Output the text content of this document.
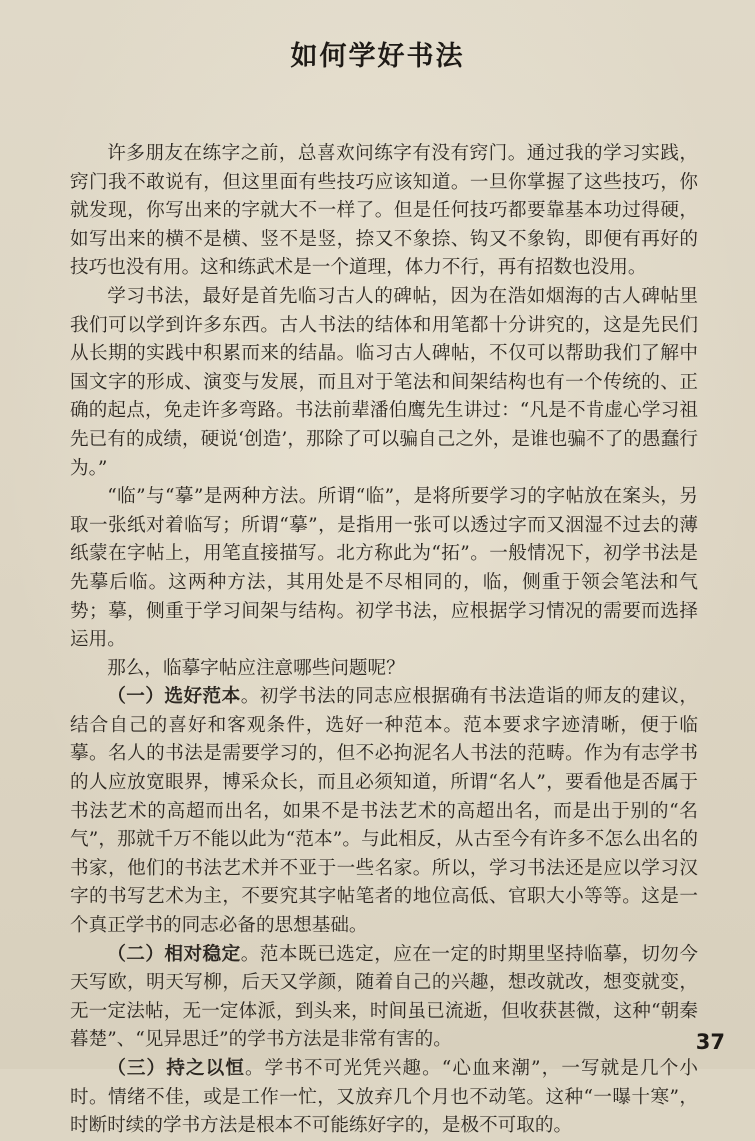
如何学好书法

许多朋友在练字之前，总喜欢问练字有没有窍门。通过我的学习实践，窍门我不敢说有，但这里面有些技巧应该知道。一旦你掌握了这些技巧，你就发现，你写出来的字就大不一样了。但是任何技巧都要靠基本功过得硬，如写出来的横不是横、竖不是竖，捺又不象捺、钩又不象钩，即便有再好的技巧也没有用。这和练武术是一个道理，体力不行，再有招数也没用。

学习书法，最好是首先临习古人的碑帖，因为在浩如烟海的古人碑帖里我们可以学到许多东西。古人书法的结体和用笔都十分讲究的，这是先民们从长期的实践中积累而来的结晶。临习古人碑帖，不仅可以帮助我们了解中国文字的形成、演变与发展，而且对于笔法和间架结构也有一个传统的、正确的起点，免走许多弯路。书法前辈潘伯鹰先生讲过：“凡是不肯虚心学习祖先已有的成绩，硬说‘创造’，那除了可以骗自己之外，是谁也骗不了的愚蠢行为。”

“临”与“摹”是两种方法。所谓“临”，是将所要学习的字帖放在案头，另取一张纸对着临写；所谓“摹”，是指用一张可以透过字而又洇湿不过去的薄纸蒙在字帖上，用笔直接描写。北方称此为“拓”。一般情况下，初学书法是先摹后临。这两种方法，其用处是不尽相同的，临，侧重于领会笔法和气势；摹，侧重于学习间架与结构。初学书法，应根据学习情况的需要而选择运用。

那么，临摹字帖应注意哪些问题呢？

（一）选好范本。初学书法的同志应根据确有书法造诣的师友的建议，结合自己的喜好和客观条件，选好一种范本。范本要求字迹清晰，便于临摹。名人的书法是需要学习的，但不必拘泥名人书法的范畴。作为有志学书的人应放宽眼界，博采众长，而且必须知道，所谓“名人”，要看他是否属于书法艺术的高超而出名，如果不是书法艺术的高超出名，而是出于别的“名气”，那就千万不能以此为“范本”。与此相反，从古至今有许多不怎么出名的书家，他们的书法艺术并不亚于一些名家。所以，学习书法还是应以学习汉字的书写艺术为主，不要究其字帖笔者的地位高低、官职大小等等。这是一个真正学书的同志必备的思想基础。

（二）相对稳定。范本既已选定，应在一定的时期里坚持临摹，切勿今天写欧，明天写柳，后天又学颜，随着自己的兴趣，想改就改，想变就变，无一定法帖，无一定体派，到头来，时间虽已流逝，但收获甚微，这种“朝秦暮楚”、“见异思迁”的学书方法是非常有害的。

（三）持之以恒。学书不可光凭兴趣。“心血来潮”，一写就是几个小时。情绪不佳，或是工作一忙，又放弃几个月也不动笔。这种“一曝十寒”，时断时续的学书方法是根本不可能练好字的，是极不可取的。

37
